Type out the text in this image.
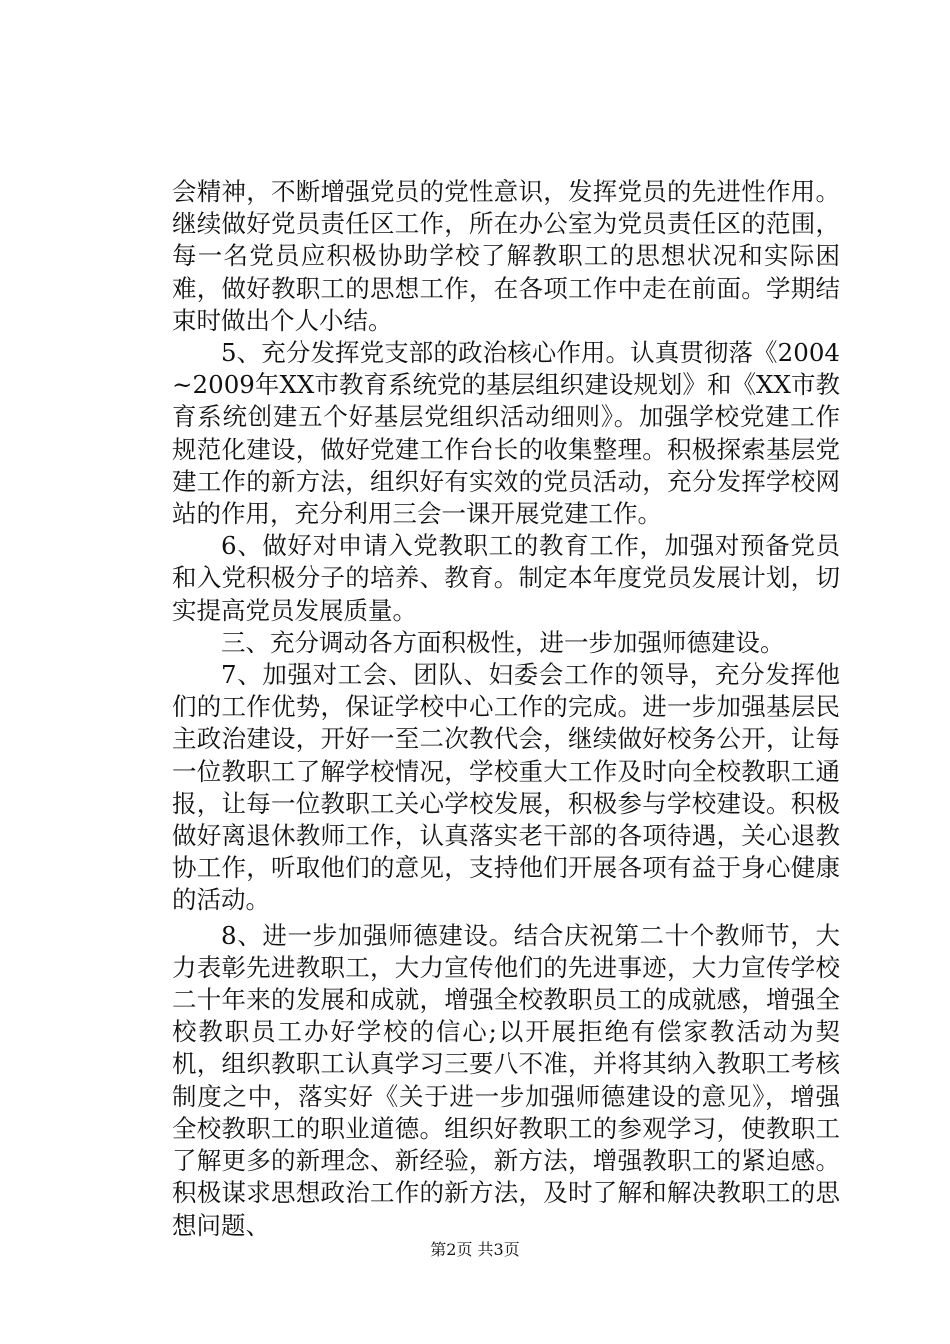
会精神，不断增强党员的党性意识，发挥党员的先进性作用。继续做好党员责任区工作，所在办公室为党员责任区的范围，每一名党员应积极协助学校了解教职工的思想状况和实际困难，做好教职工的思想工作，在各项工作中走在前面。学期结束时做出个人小结。

5、充分发挥党支部的政治核心作用。认真贯彻落《2004~2009年XX市教育系统党的基层组织建设规划》和《XX市教育系统创建五个好基层党组织活动细则》。加强学校党建工作规范化建设，做好党建工作台长的收集整理。积极探索基层党建工作的新方法，组织好有实效的党员活动，充分发挥学校网站的作用，充分利用三会一课开展党建工作。

6、做好对申请入党教职工的教育工作，加强对预备党员和入党积极分子的培养、教育。制定本年度党员发展计划，切实提高党员发展质量。

三、充分调动各方面积极性，进一步加强师德建设。

7、加强对工会、团队、妇委会工作的领导，充分发挥他们的工作优势，保证学校中心工作的完成。进一步加强基层民主政治建设，开好一至二次教代会，继续做好校务公开，让每一位教职工了解学校情况，学校重大工作及时向全校教职工通报，让每一位教职工关心学校发展，积极参与学校建设。积极做好离退休教师工作，认真落实老干部的各项待遇，关心退教协工作，听取他们的意见，支持他们开展各项有益于身心健康的活动。

8、进一步加强师德建设。结合庆祝第二十个教师节，大力表彰先进教职工，大力宣传他们的先进事迹，大力宣传学校二十年来的发展和成就，增强全校教职员工的成就感，增强全校教职员工办好学校的信心;以开展拒绝有偿家教活动为契机，组织教职工认真学习三要八不准，并将其纳入教职工考核制度之中，落实好《关于进一步加强师德建设的意见》，增强全校教职工的职业道德。组织好教职工的参观学习，使教职工了解更多的新理念、新经验，新方法，增强教职工的紧迫感。积极谋求思想政治工作的新方法，及时了解和解决教职工的思想问题、

第2页 共3页
